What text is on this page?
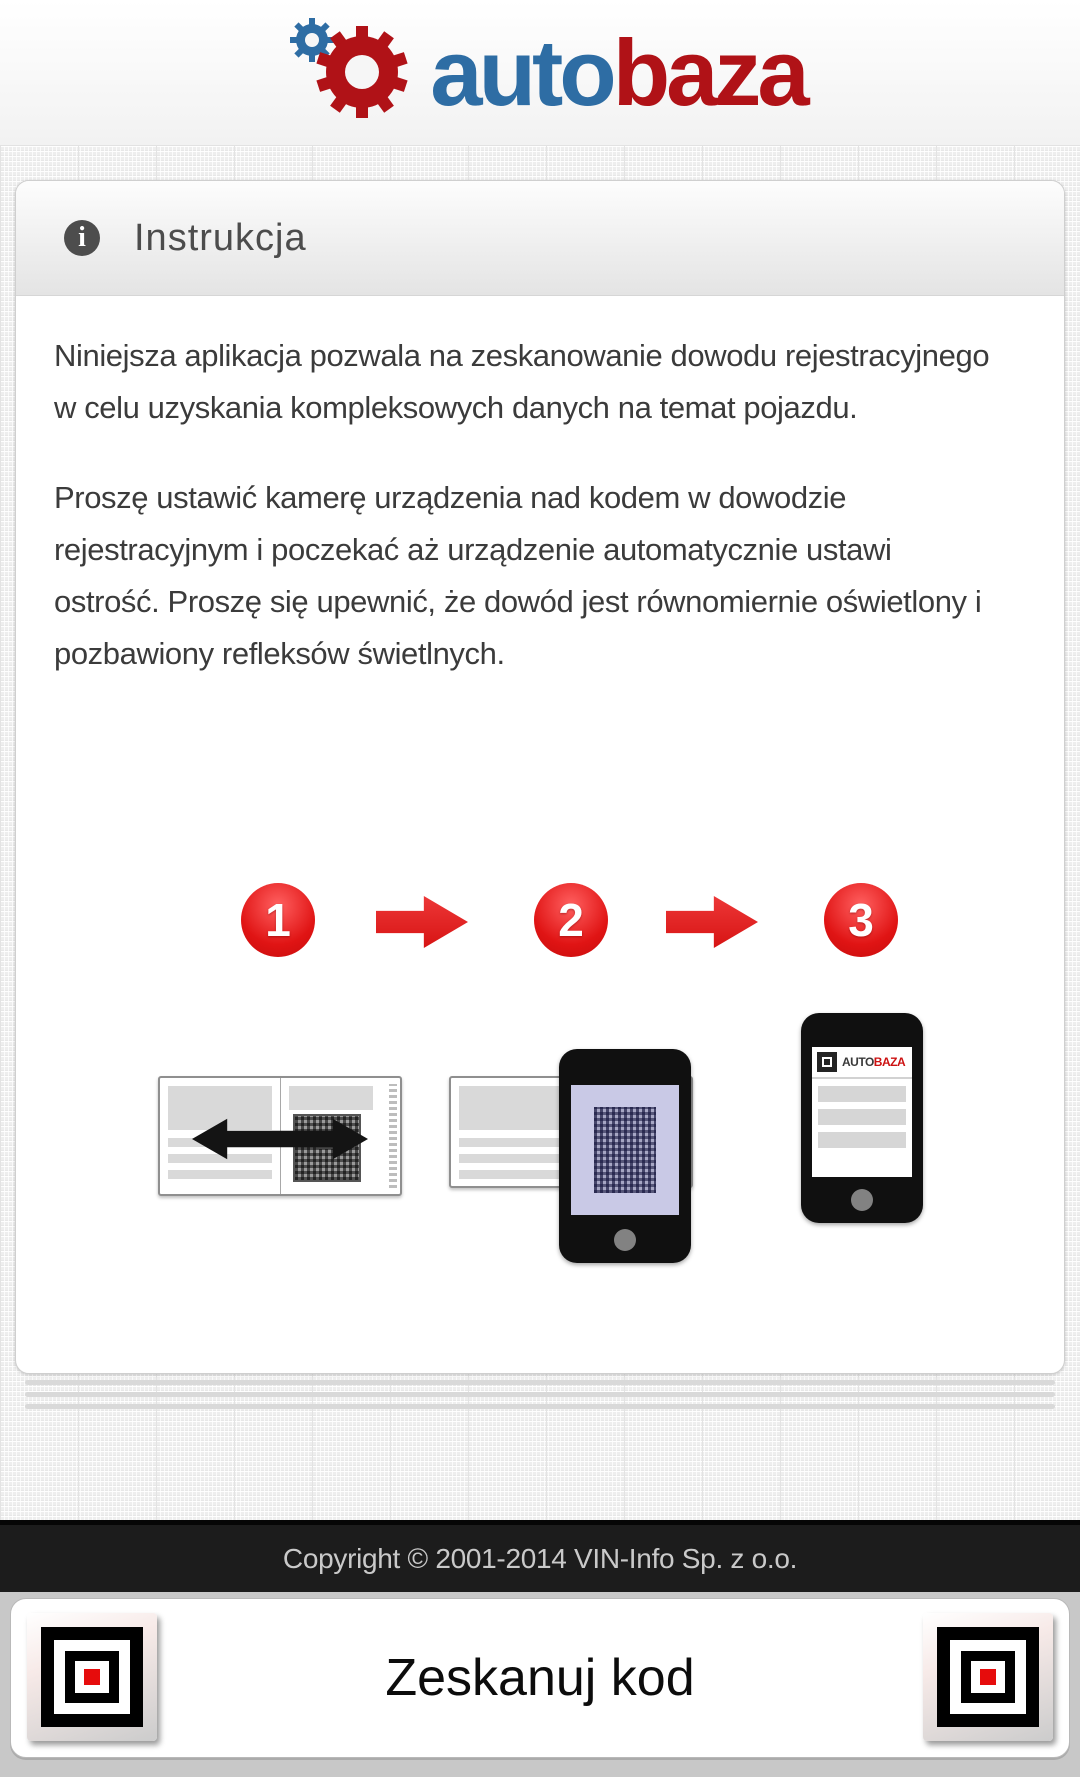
autobaza
i	Instrukcja

Niniejsza aplikacja pozwala na zeskanowanie dowodu rejestracyjnego w celu uzyskania kompleksowych danych na temat pojazdu.

Proszę ustawić kamerę urządzenia nad kodem w dowodzie rejestracyjnym i poczekać aż urządzenie automatycznie ustawi ostrość. Proszę się upewnić, że dowód jest równomiernie oświetlony i pozbawiony refleksów świetlnych.

1	2	3
AUTOBAZA
Copyright © 2001-2014 VIN-Info Sp. z o.o.
Zeskanuj kod
